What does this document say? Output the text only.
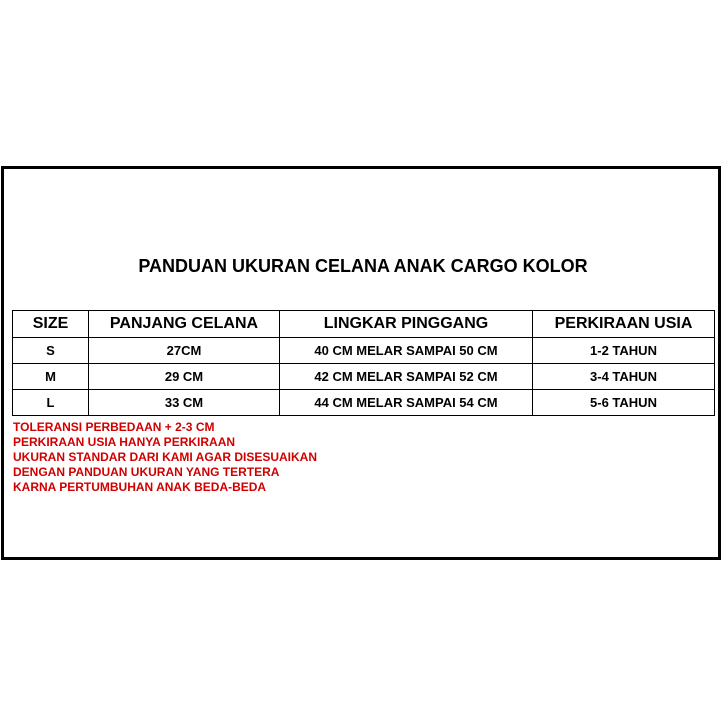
PANDUAN UKURAN CELANA ANAK CARGO KOLOR
SIZE	PANJANG CELANA	LINGKAR PINGGANG	PERKIRAAN USIA
S	27CM	40 CM MELAR SAMPAI 50 CM	1-2 TAHUN
M	29 CM	42 CM MELAR SAMPAI 52 CM	3-4 TAHUN
L	33 CM	44 CM MELAR SAMPAI 54 CM	5-6 TAHUN
TOLERANSI PERBEDAAN + 2-3 CM
PERKIRAAN USIA HANYA PERKIRAAN
UKURAN STANDAR DARI KAMI AGAR DISESUAIKAN
DENGAN PANDUAN UKURAN YANG TERTERA
KARNA PERTUMBUHAN ANAK BEDA-BEDA
